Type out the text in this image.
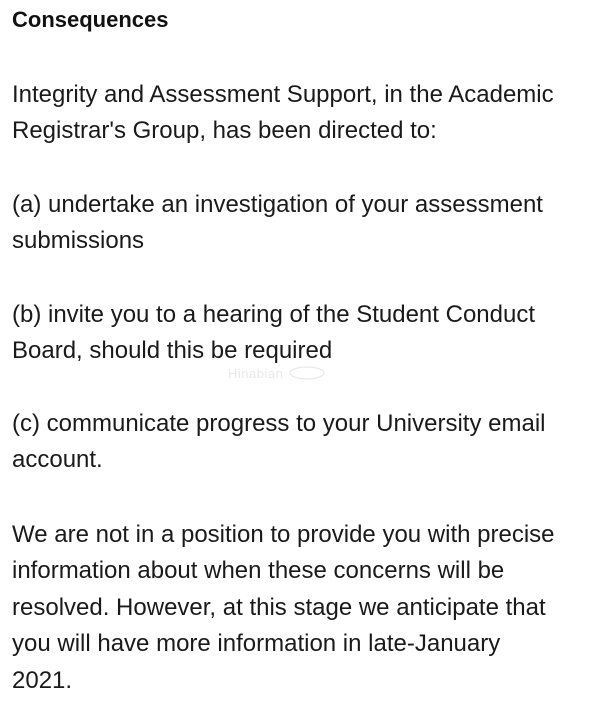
Consequences

Integrity and Assessment Support, in the Academic
Registrar's Group, has been directed to:

(a) undertake an investigation of your assessment
submissions

(b) invite you to a hearing of the Student Conduct
Board, should this be required

(c) communicate progress to your University email
account.

We are not in a position to provide you with precise
information about when these concerns will be
resolved. However, at this stage we anticipate that
you will have more information in late-January
2021.

Hinabian
